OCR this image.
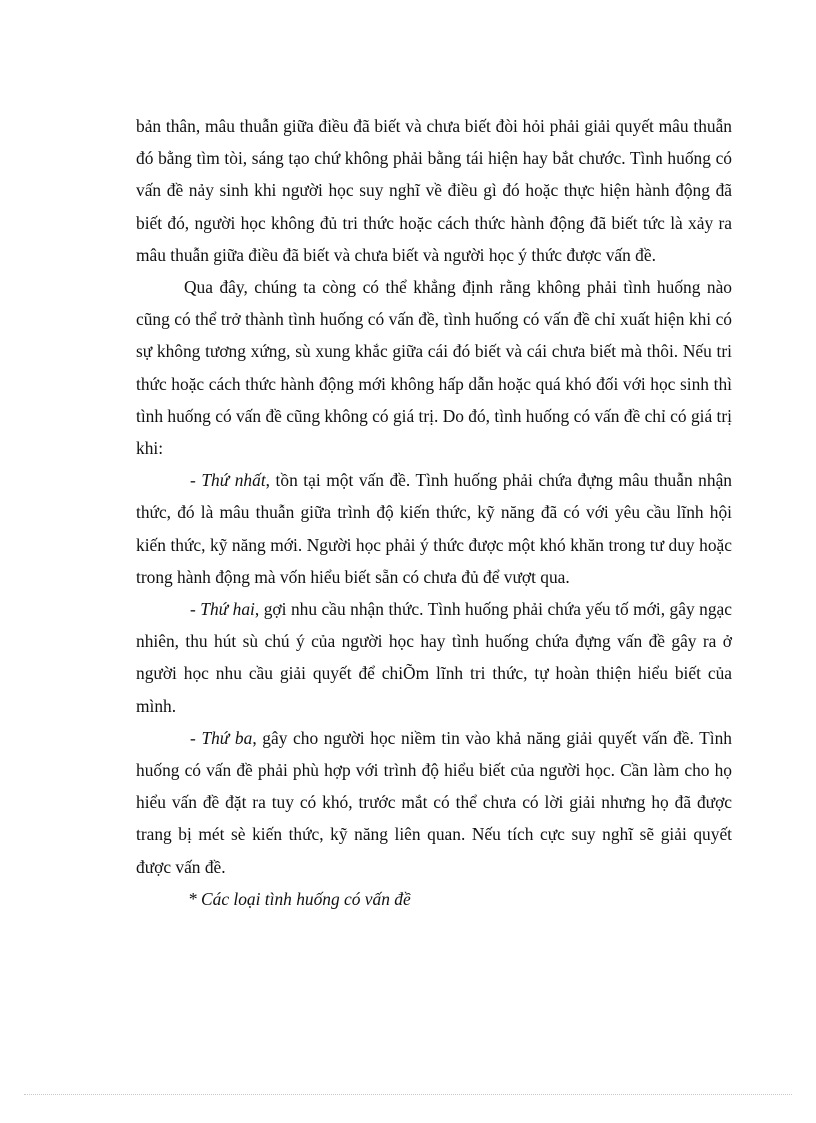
bản thân, mâu thuẫn giữa điều đã biết và chưa biết đòi hỏi phải giải quyết mâu thuẫn đó bằng tìm tòi, sáng tạo chứ không phải bằng tái hiện hay bắt chước. Tình huống có vấn đề nảy sinh khi người học suy nghĩ về điều gì đó hoặc thực hiện hành động đã biết đó, người học không đủ tri thức hoặc cách thức hành động đã biết tức là xảy ra mâu thuẫn giữa điều đã biết và chưa biết và người học ý thức được vấn đề.

Qua đây, chúng ta còng có thể khẳng định rằng không phải tình huống nào cũng có thể trở thành tình huống có vấn đề, tình huống có vấn đề chỉ xuất hiện khi có sự không tương xứng, sù xung khắc giữa cái đó biết và cái chưa biết mà thôi. Nếu tri thức hoặc cách thức hành động mới không hấp dẫn hoặc quá khó đối với học sinh thì tình huống có vấn đề cũng không có giá trị. Do đó, tình huống có vấn đề chỉ có giá trị khi:

- Thứ nhất, tồn tại một vấn đề. Tình huống phải chứa đựng mâu thuẫn nhận thức, đó là mâu thuẫn giữa trình độ kiến thức, kỹ năng đã có với yêu cầu lĩnh hội kiến thức, kỹ năng mới. Người học phải ý thức được một khó khăn trong tư duy hoặc trong hành động mà vốn hiểu biết sẵn có chưa đủ để vượt qua.

- Thứ hai, gợi nhu cầu nhận thức. Tình huống phải chứa yếu tố mới, gây ngạc nhiên, thu hút sù chú ý của người học hay tình huống chứa đựng vấn đề gây ra ở người học nhu cầu giải quyết để chiÕm lĩnh tri thức, tự hoàn thiện hiểu biết của mình.

- Thứ ba, gây cho người học niềm tin vào khả năng giải quyết vấn đề. Tình huống có vấn đề phải phù hợp với trình độ hiểu biết của người học. Cần làm cho họ hiểu vấn đề đặt ra tuy có khó, trước mắt có thể chưa có lời giải nhưng họ đã được trang bị mét sè kiến thức, kỹ năng liên quan. Nếu tích cực suy nghĩ sẽ giải quyết được vấn đề.

* Các loại tình huống có vấn đề
